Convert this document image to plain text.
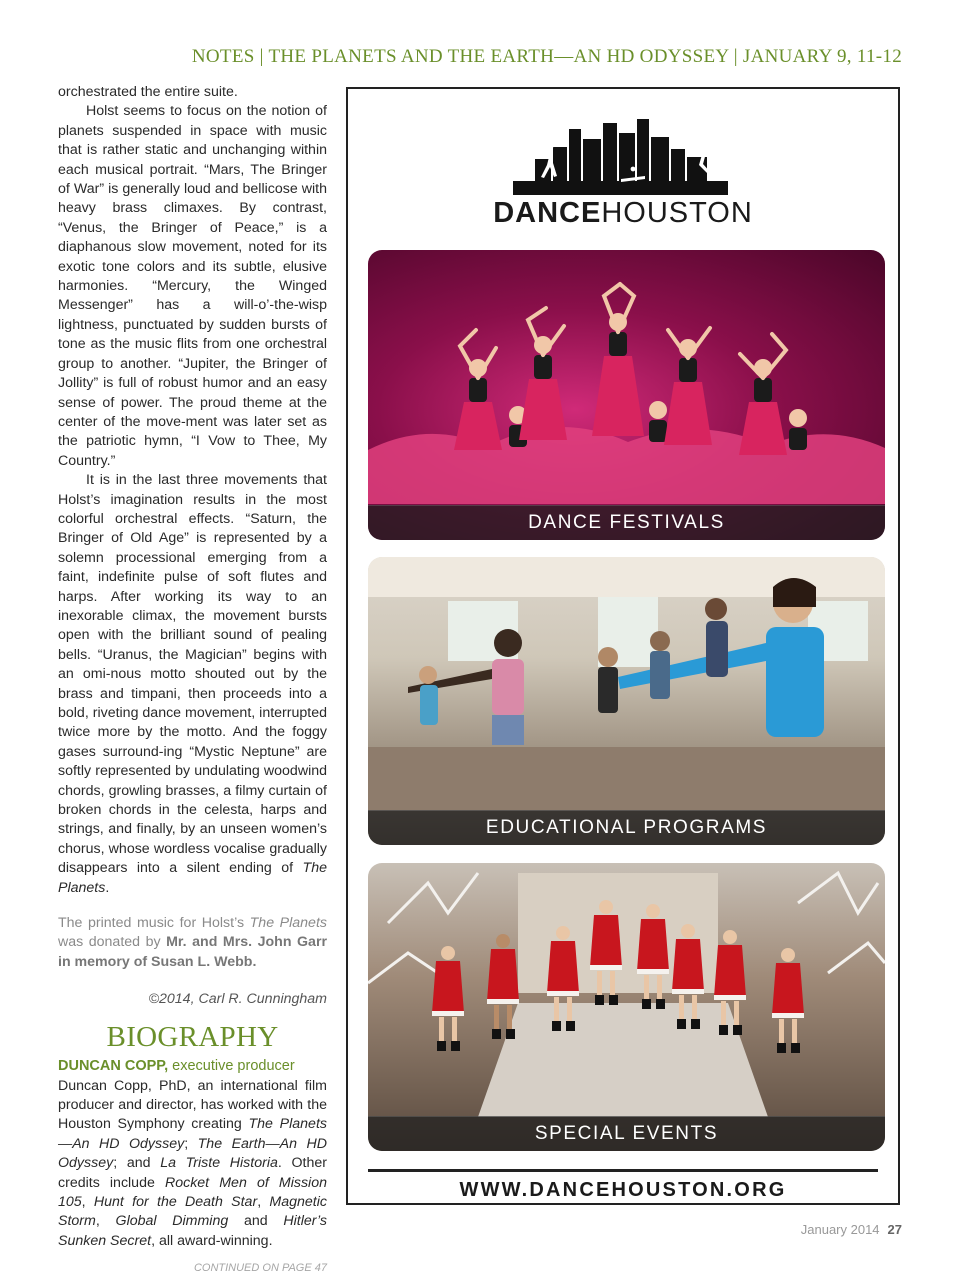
NOTES | THE PLANETS AND THE EARTH—AN HD ODYSSEY | JANUARY 9, 11-12

orchestrated the entire suite.

Holst seems to focus on the notion of planets suspended in space with music that is rather static and unchanging within each musical portrait. “Mars, The Bringer of War” is generally loud and bellicose with heavy brass climaxes. By contrast, “Venus, the Bringer of Peace,” is a diaphanous slow movement, noted for its exotic tone colors and its subtle, elusive harmonies. “Mercury, the Winged Messenger” has a will-o’-the-wisp lightness, punctuated by sudden bursts of tone as the music flits from one orchestral group to another. “Jupiter, the Bringer of Jollity” is full of robust humor and an easy sense of power. The proud theme at the center of the move-ment was later set as the patriotic hymn, “I Vow to Thee, My Country.”

It is in the last three movements that Holst’s imagination results in the most colorful orchestral effects. “Saturn, the Bringer of Old Age” is represented by a solemn processional emerging from a faint, indefinite pulse of soft flutes and harps. After working its way to an inexorable climax, the movement bursts open with the brilliant sound of pealing bells. “Uranus, the Magician” begins with an omi-nous motto shouted out by the brass and timpani, then proceeds into a bold, riveting dance movement, interrupted twice more by the motto. And the foggy gases surround-ing “Mystic Neptune” are softly represented by undulating woodwind chords, growling brasses, a filmy curtain of broken chords in the celesta, harps and strings, and finally, by an unseen women’s chorus, whose wordless vocalise gradually disappears into a silent ending of The Planets.

The printed music for Holst’s The Planets was donated by Mr. and Mrs. John Garr in memory of Susan L. Webb.

©2014, Carl R. Cunningham

BIOGRAPHY

DUNCAN COPP, executive producer

Duncan Copp, PhD, an international film producer and director, has worked with the Houston Symphony creating The Planets—An HD Odyssey; The Earth—An HD Odyssey; and La Triste Historia. Other credits include Rocket Men of Mission 105, Hunt for the Death Star, Magnetic Storm, Global Dimming and Hitler’s Sunken Secret, all award-winning.

CONTINUED ON PAGE 47

DANCEHOUSTON
DANCE FESTIVALS
EDUCATIONAL PROGRAMS
SPECIAL EVENTS
WWW.DANCEHOUSTON.ORG
January 2014 27
